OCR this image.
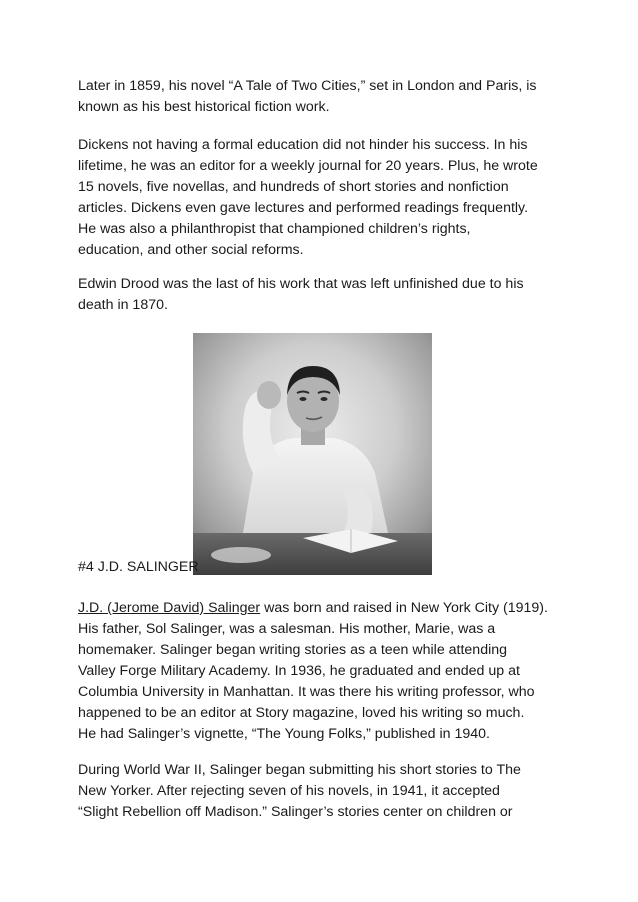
Later in 1859, his novel “A Tale of Two Cities,” set in London and Paris, is
known as his best historical fiction work.

Dickens not having a formal education did not hinder his success. In his
lifetime, he was an editor for a weekly journal for 20 years. Plus, he wrote
15 novels, five novellas, and hundreds of short stories and nonfiction
articles. Dickens even gave lectures and performed readings frequently.
He was also a philanthropist that championed children’s rights,
education, and other social reforms.

Edwin Drood was the last of his work that was left unfinished due to his
death in 1870.

#4 J.D. SALINGER

J.D. (Jerome David) Salinger was born and raised in New York City (1919).
His father, Sol Salinger, was a salesman. His mother, Marie, was a
homemaker. Salinger began writing stories as a teen while attending
Valley Forge Military Academy. In 1936, he graduated and ended up at
Columbia University in Manhattan. It was there his writing professor, who
happened to be an editor at Story magazine, loved his writing so much.
He had Salinger’s vignette, “The Young Folks,” published in 1940.

During World War II, Salinger began submitting his short stories to The
New Yorker. After rejecting seven of his novels, in 1941, it accepted
“Slight Rebellion off Madison.” Salinger’s stories center on children or
